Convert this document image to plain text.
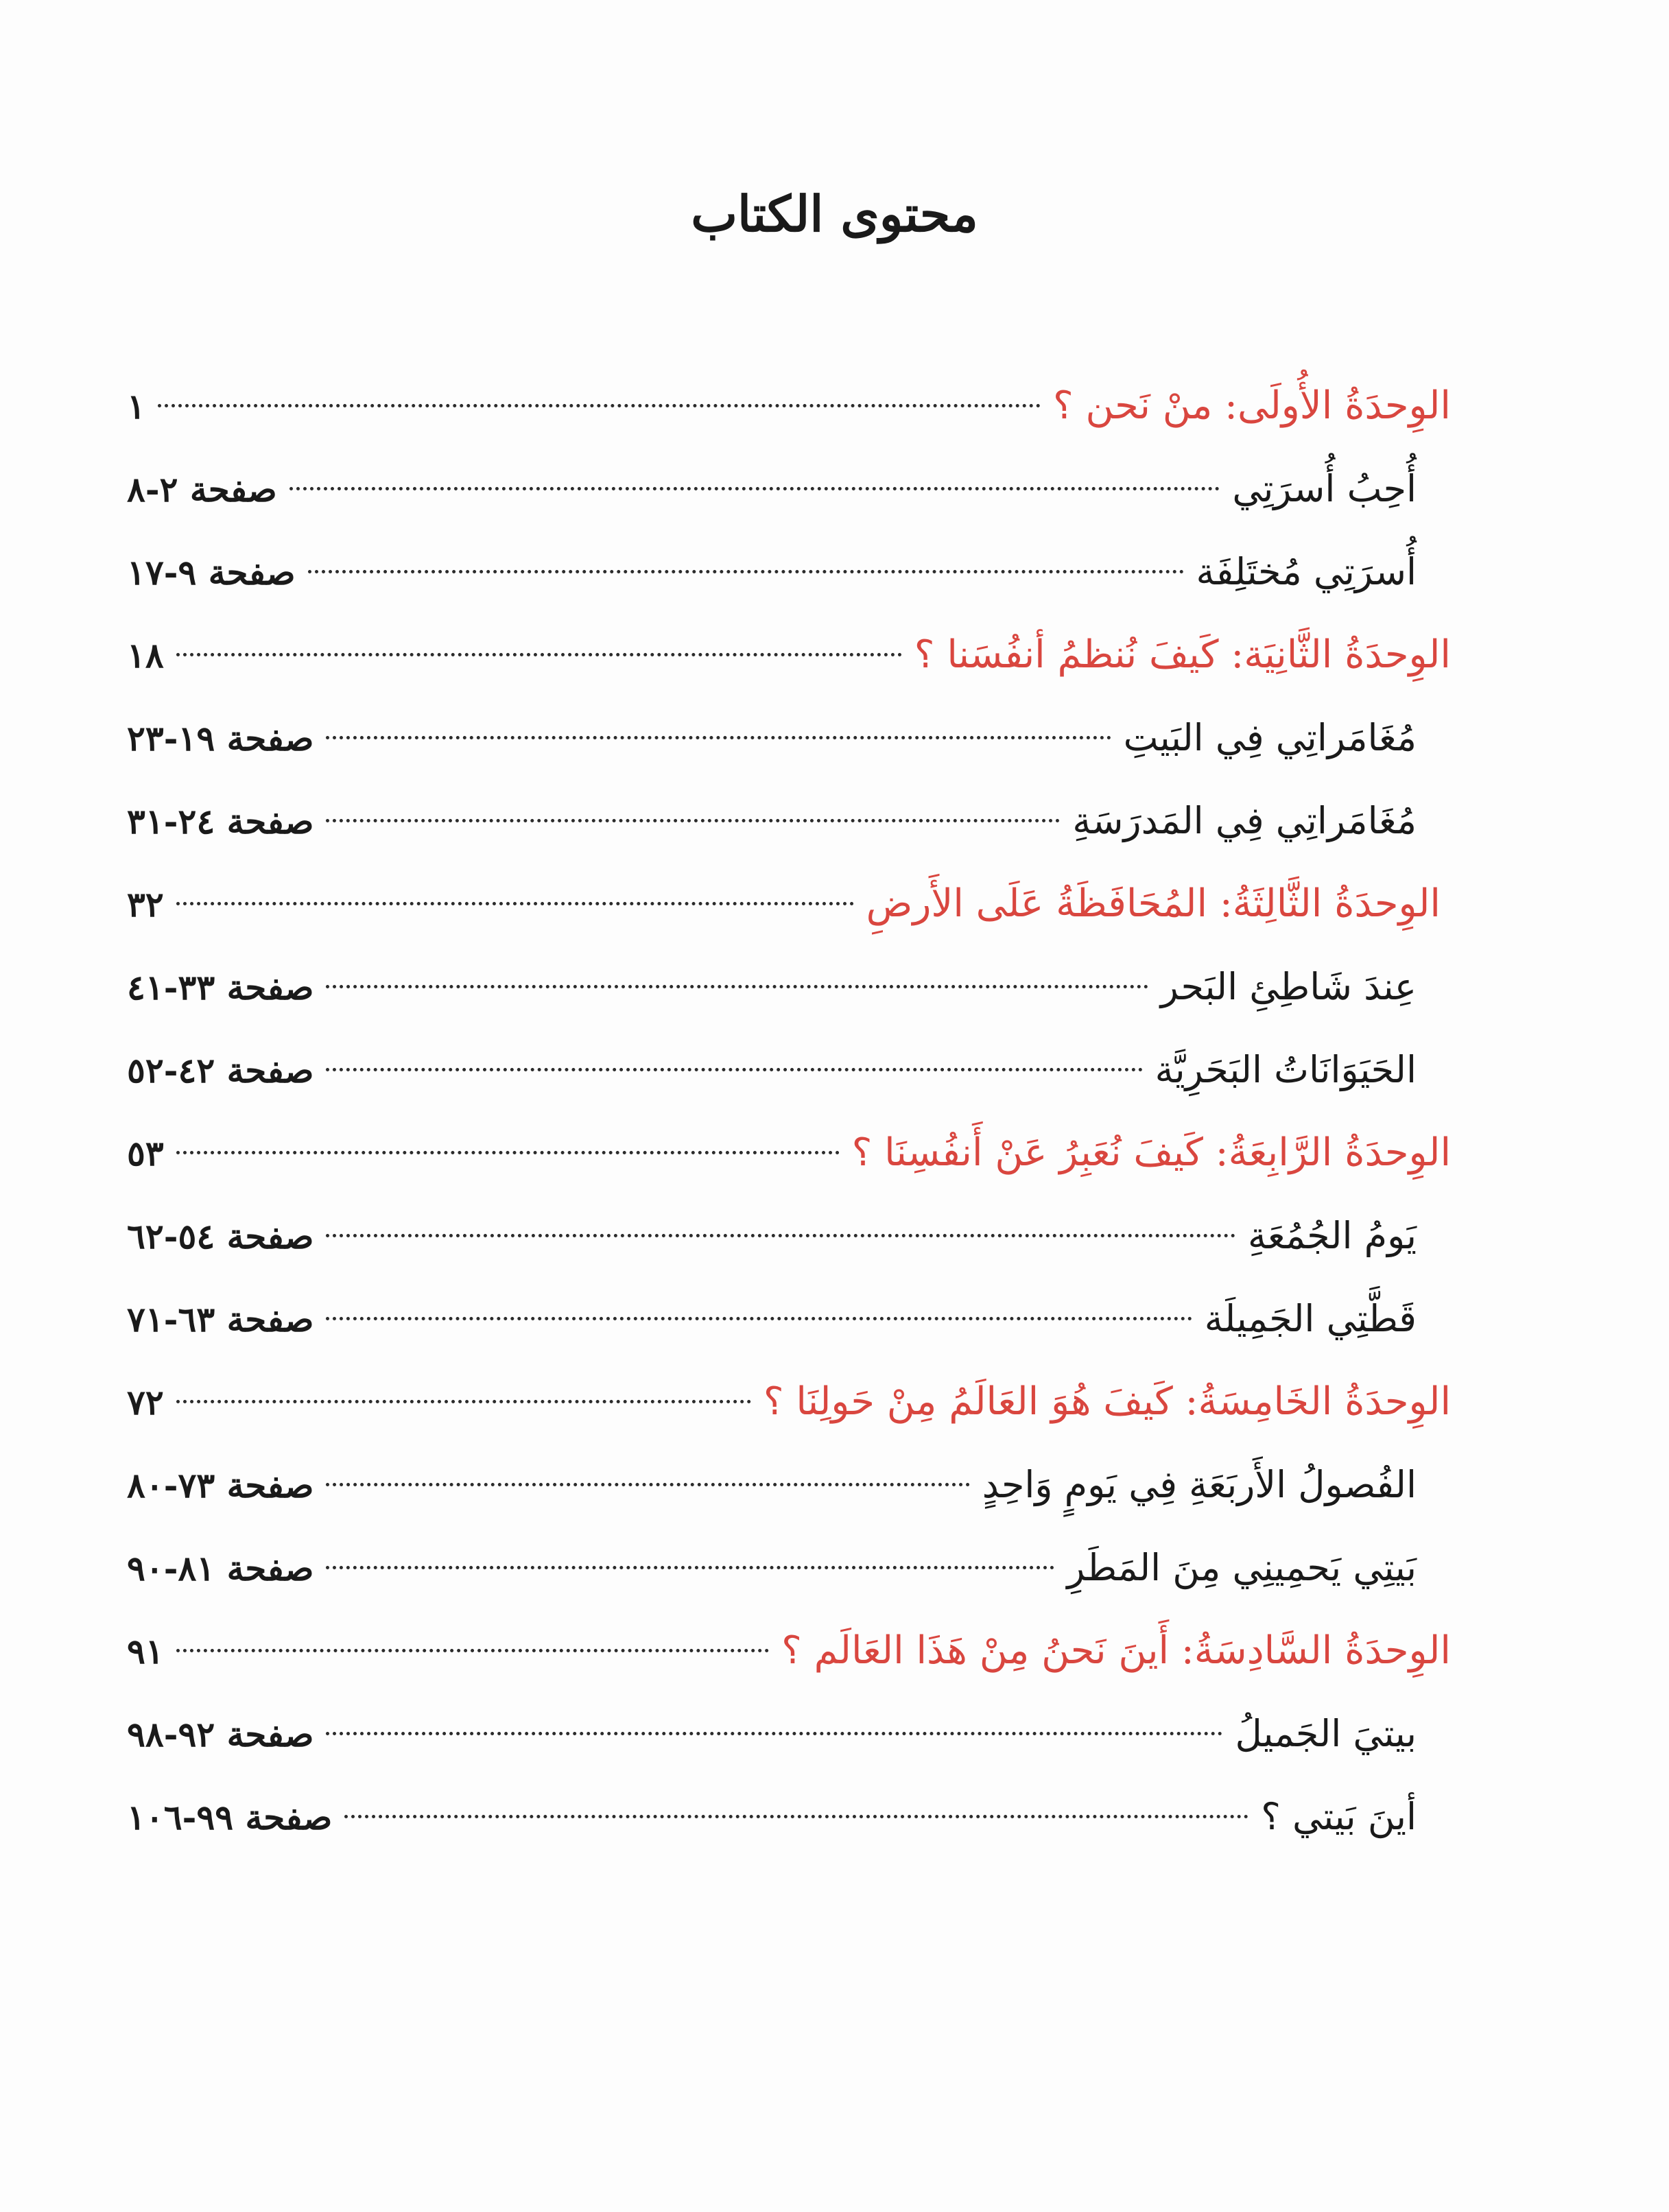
محتوى الكتاب
الوِحدَةُ الأُولَى: منْ نَحن ؟
١
أُحِبُ أُسرَتِي
صفحة ٢-٨
أُسرَتِي مُختَلِفَة
صفحة ٩-١٧
الوِحدَةُ الثَّانِيَة: كَيفَ نُنظمُ أنفُسَنا ؟
١٨
مُغَامَراتِي فِي البَيتِ
صفحة ١٩-٢٣
مُغَامَراتِي فِي المَدرَسَةِ
صفحة ٢٤-٣١
الوِحدَةُ الثَّالِثَةُ: المُحَافَظَةُ عَلَى الأَرضِ
٣٢
عِندَ شَاطِئِ البَحر
صفحة ٣٣-٤١
الحَيَوَانَاتُ البَحَرِيَّة
صفحة ٤٢-٥٢
الوِحدَةُ الرَّابِعَةُ: كَيفَ نُعَبِرُ عَنْ أَنفُسِنَا ؟
٥٣
يَومُ الجُمُعَةِ
صفحة ٥٤-٦٢
قَطَّتِي الجَمِيلَة
صفحة ٦٣-٧١
الوِحدَةُ الخَامِسَةُ: كَيفَ هُوَ العَالَمُ مِنْ حَولِنَا ؟
٧٢
الفُصولُ الأَربَعَةِ فِي يَومٍ وَاحِدٍ
صفحة ٧٣-٨٠
بَيتِي يَحمِينِي مِنَ المَطَرِ
صفحة ٨١-٩٠
الوِحدَةُ السَّادِسَةُ: أَينَ نَحنُ مِنْ هَذَا العَالَم ؟
٩١
بيتيَ الجَميلُ
صفحة ٩٢-٩٨
أينَ بَيتي ؟
صفحة ٩٩-١٠٦
